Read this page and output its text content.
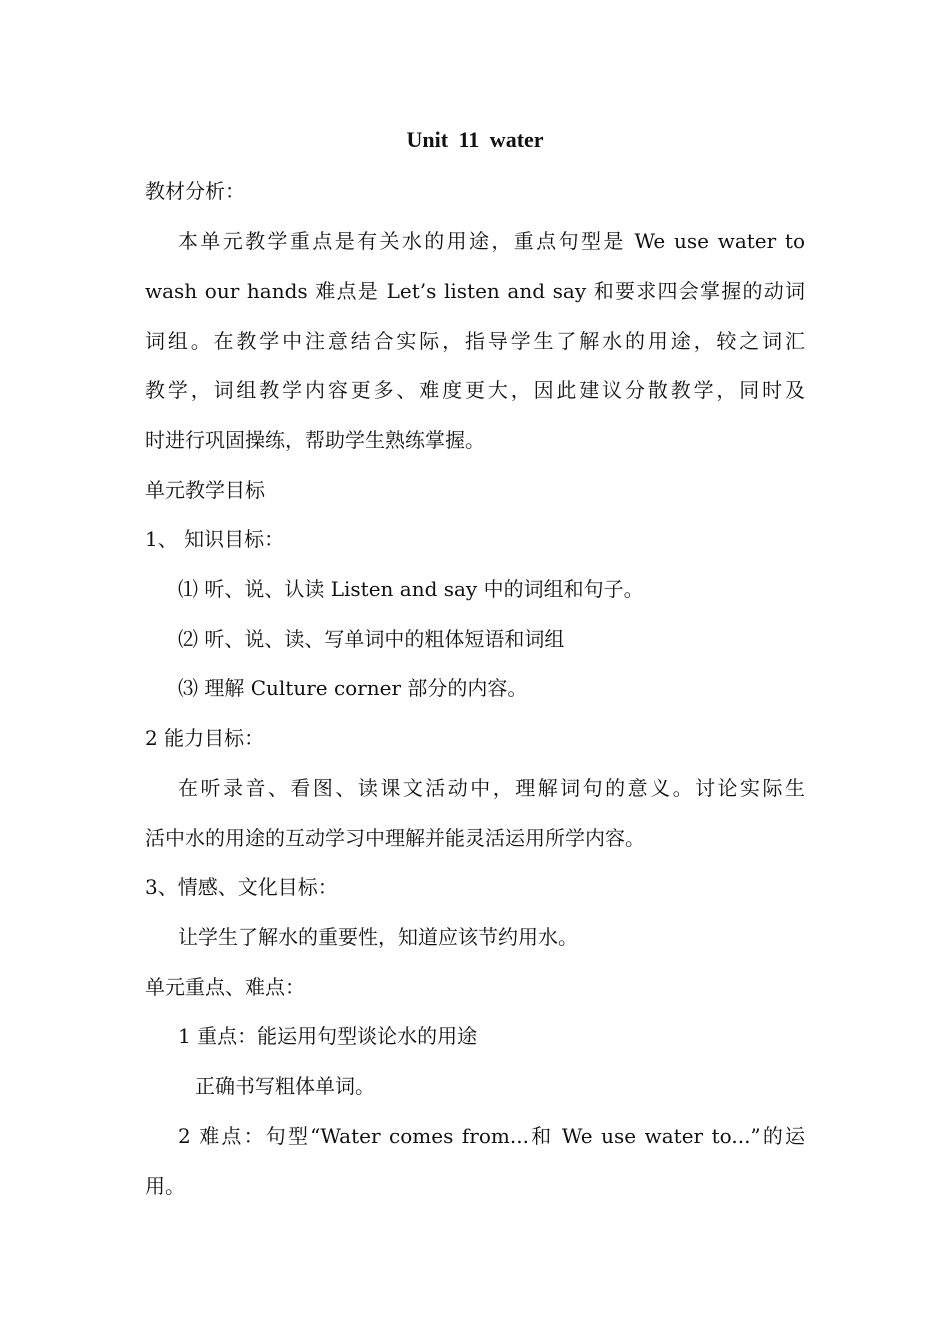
Unit 11 water
教材分析：
本单元教学重点是有关水的用途，重点句型是 We use water to
wash our hands 难点是 Let’s listen and say 和要求四会掌握的动词
词组。在教学中注意结合实际，指导学生了解水的用途，较之词汇
教学，词组教学内容更多、难度更大，因此建议分散教学，同时及
时进行巩固操练，帮助学生熟练掌握。
单元教学目标
1、 知识目标：
⑴ 听、说、认读 Listen and say 中的词组和句子。
⑵ 听、说、读、写单词中的粗体短语和词组
⑶ 理解 Culture corner 部分的内容。
2 能力目标：
在听录音、看图、读课文活动中，理解词句的意义。讨论实际生
活中水的用途的互动学习中理解并能灵活运用所学内容。
3、情感、文化目标：
让学生了解水的重要性，知道应该节约用水。
单元重点、难点：
1 重点：能运用句型谈论水的用途
正确书写粗体单词。
2 难点：句型“Water comes from...和 We use water to...”的运
用。
